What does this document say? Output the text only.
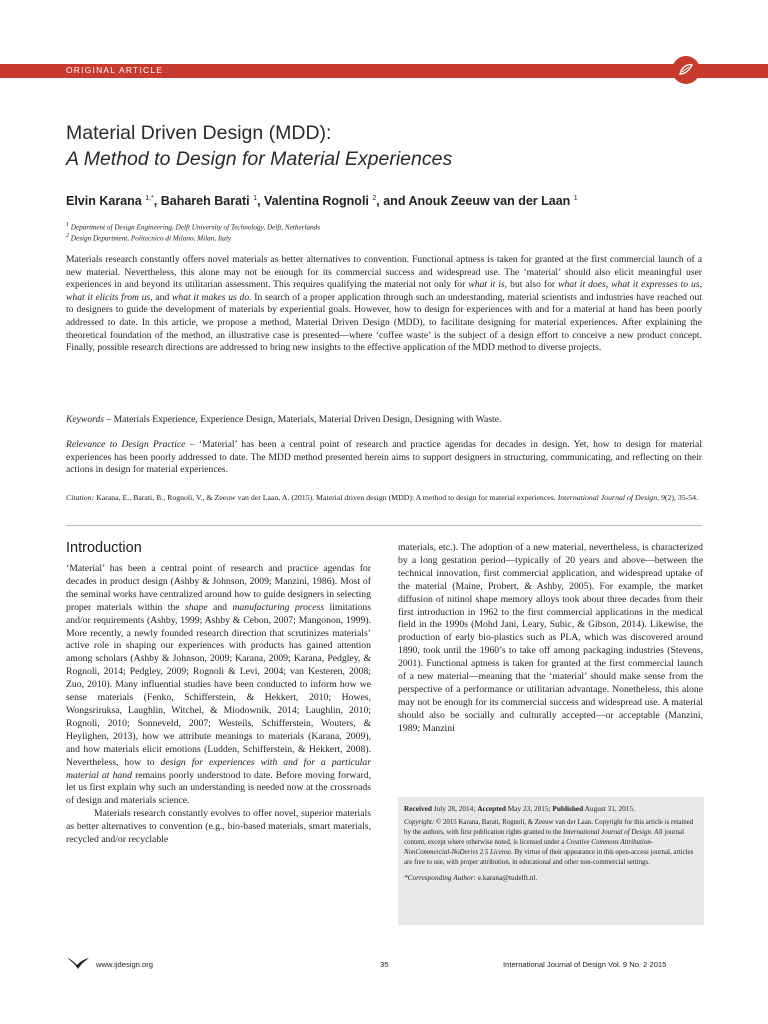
ORIGINAL ARTICLE
Material Driven Design (MDD):
A Method to Design for Material Experiences
Elvin Karana $^{1,*}$, Bahareh Barati $^1$, Valentina Rognoli $^2$, and Anouk Zeeuw van der Laan $^1$
$^1$ Department of Design Engineering, Delft University of Technology, Delft, Netherlands
$^2$ Design Department, Politecnico di Milano, Milan, Italy

Materials research constantly offers novel materials as better alternatives to convention. Functional aptness is taken for granted at the first commercial launch of a new material. Nevertheless, this alone may not be enough for its commercial success and widespread use. The ‘material’ should also elicit meaningful user experiences in and beyond its utilitarian assessment. This requires qualifying the material not only for what it is, but also for what it does, what it expresses to us, what it elicits from us, and what it makes us do. In search of a proper application through such an understanding, material scientists and industries have reached out to designers to guide the development of materials by experiential goals. However, how to design for experiences with and for a material at hand has been poorly addressed to date. In this article, we propose a method, Material Driven Design (MDD), to facilitate designing for material experiences. After explaining the theoretical foundation of the method, an illustrative case is presented—where ‘coffee waste’ is the subject of a design effort to conceive a new product concept. Finally, possible research directions are addressed to bring new insights to the effective application of the MDD method to diverse projects.

Keywords – Materials Experience, Experience Design, Materials, Material Driven Design, Designing with Waste.
Relevance to Design Practice – ‘Material’ has been a central point of research and practice agendas for decades in design. Yet, how to design for material experiences has been poorly addressed to date. The MDD method presented herein aims to support designers in structuring, communicating, and reflecting on their actions in design for material experiences.
Citation: Karana, E., Barati, B., Rognoli, V., & Zeeuw van der Laan, A. (2015). Material driven design (MDD): A method to design for material experiences. International Journal of Design, 9(2), 35-54.
Introduction

‘Material’ has been a central point of research and practice agendas for decades in product design (Ashby & Johnson, 2009; Manzini, 1986). Most of the seminal works have centralized around how to guide designers in selecting proper materials within the shape and manufacturing process limitations and/or requirements (Ashby, 1999; Ashby & Cebon, 2007; Mangonon, 1999). More recently, a newly founded research direction that scrutinizes materials’ active role in shaping our experiences with products has gained attention among scholars (Ashby & Johnson, 2009; Karana, 2009; Karana, Pedgley, & Rognoli, 2014; Pedgley, 2009; Rognoli & Levi, 2004; van Kesteren, 2008; Zuo, 2010). Many influential studies have been conducted to inform how we sense materials (Fenko, Schifferstein, & Hekkert, 2010; Howes, Wongsriruksa, Laughlin, Witchel, & Miodownik, 2014; Laughlin, 2010; Rognoli, 2010; Sonneveld, 2007; Westeils, Schifferstein, Wouters, & Heylighen, 2013), how we attribute meanings to materials (Karana, 2009), and how materials elicit emotions (Ludden, Schifferstein, & Hekkert, 2008). Nevertheless, how to design for experiences with and for a particular material at hand remains poorly understood to date. Before moving forward, let us first explain why such an understanding is needed now at the crossroads of design and materials science.

Materials research constantly evolves to offer novel, superior materials as better alternatives to convention (e.g., bio-based materials, smart materials, recycled and/or recyclable

materials, etc.). The adoption of a new material, nevertheless, is characterized by a long gestation period—typically of 20 years and above—between the technical innovation, first commercial application, and widespread uptake of the material (Maine, Probert, & Ashby, 2005). For example, the market diffusion of nitinol shape memory alloys took about three decades from their first introduction in 1962 to the first commercial applications in the medical field in the 1990s (Mohd Jani, Leary, Subic, & Gibson, 2014). Likewise, the production of early bio-plastics such as PLA, which was discovered around 1890, took until the 1960’s to take off among packaging industries (Stevens, 2001). Functional aptness is taken for granted at the first commercial launch of a new material—meaning that the ‘material’ should make sense from the perspective of a performance or utilitarian advantage. Nonetheless, this alone may not be enough for its commercial success and widespread use. A material should also be socially and culturally accepted—or acceptable (Manzini, 1989; Manzini

Received July 28, 2014; Accepted May 23, 2015; Published August 31, 2015.

Copyright: © 2015 Karana, Barati, Rognoli, & Zeeuw van der Laan. Copyright for this article is retained by the authors, with first publication rights granted to the International Journal of Design. All journal content, except where otherwise noted, is licensed under a Creative Commons Attribution-NonCommercial-NoDerivs 2.5 License. By virtue of their appearance in this open-access journal, articles are free to use, with proper attribution, in educational and other non-commercial settings.

*Corresponding Author: e.karana@tudelft.nl.

www.ijdesign.org	35	International Journal of Design Vol. 9 No. 2 2015
